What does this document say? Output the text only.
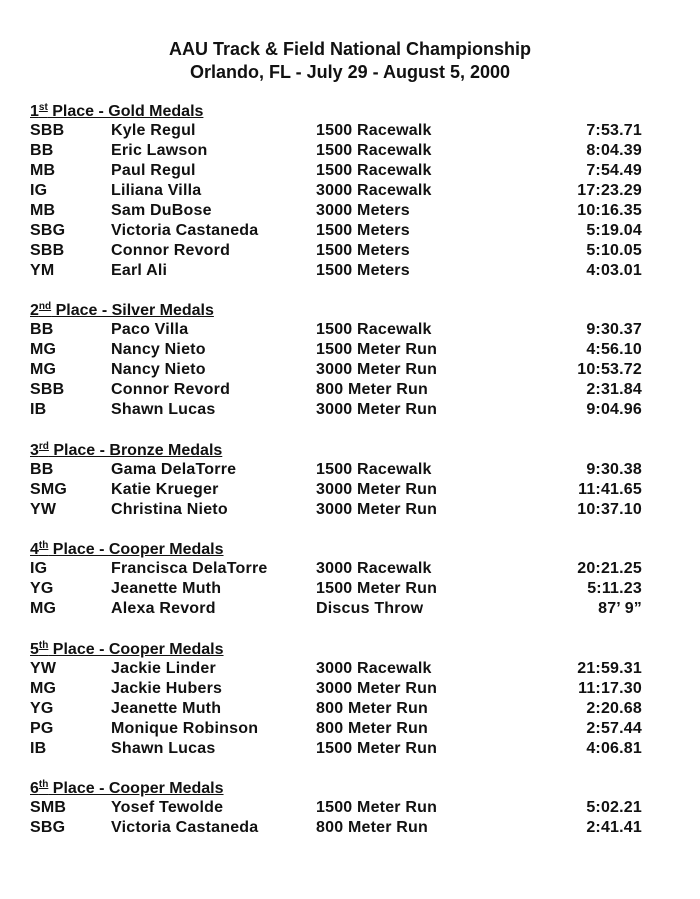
AAU Track & Field National Championship
Orlando, FL - July 29 - August 5, 2000
1st Place - Gold Medals
SBB	Kyle Regul	1500 Racewalk	7:53.71
BB	Eric Lawson	1500 Racewalk	8:04.39
MB	Paul Regul	1500 Racewalk	7:54.49
IG	Liliana Villa	3000 Racewalk	17:23.29
MB	Sam DuBose	3000 Meters	10:16.35
SBG	Victoria Castaneda	1500 Meters	5:19.04
SBB	Connor Revord	1500 Meters	5:10.05
YM	Earl Ali	1500 Meters	4:03.01
2nd Place - Silver Medals
BB	Paco Villa	1500 Racewalk	9:30.37
MG	Nancy Nieto	1500 Meter Run	4:56.10
MG	Nancy Nieto	3000 Meter Run	10:53.72
SBB	Connor Revord	800 Meter Run	2:31.84
IB	Shawn Lucas	3000 Meter Run	9:04.96
3rd Place - Bronze Medals
BB	Gama DelaTorre	1500 Racewalk	9:30.38
SMG	Katie Krueger	3000 Meter Run	11:41.65
YW	Christina Nieto	3000 Meter Run	10:37.10
4th Place - Cooper Medals
IG	Francisca DelaTorre	3000 Racewalk	20:21.25
YG	Jeanette Muth	1500 Meter Run	5:11.23
MG	Alexa Revord	Discus Throw	87’ 9”
5th Place - Cooper Medals
YW	Jackie Linder	3000 Racewalk	21:59.31
MG	Jackie Hubers	3000 Meter Run	11:17.30
YG	Jeanette Muth	800 Meter Run	2:20.68
PG	Monique Robinson	800 Meter Run	2:57.44
IB	Shawn Lucas	1500 Meter Run	4:06.81
6th Place - Cooper Medals
SMB	Yosef Tewolde	1500 Meter Run	5:02.21
SBG	Victoria Castaneda	800 Meter Run	2:41.41
